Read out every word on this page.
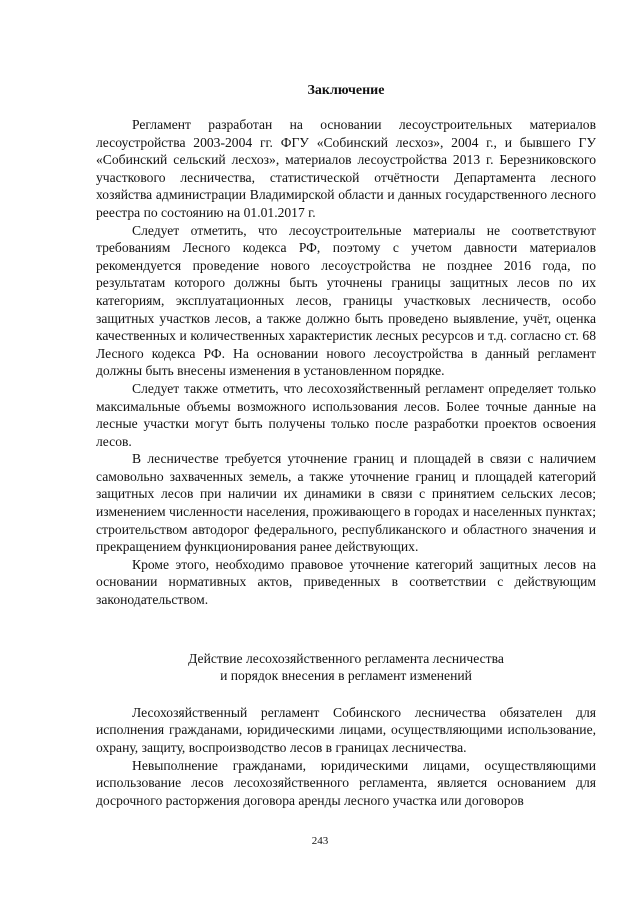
Заключение

Регламент разработан на основании лесоустроительных материалов лесоустройства 2003-2004 гг. ФГУ «Собинский лесхоз», 2004 г., и бывшего ГУ «Собинский сельский лесхоз», материалов лесоустройства 2013 г. Березниковского участкового лесничества, статистической отчётности Департамента лесного хозяйства администрации Владимирской области и данных государственного лесного реестра по состоянию на 01.01.2017 г.

Следует отметить, что лесоустроительные материалы не соответствуют требованиям Лесного кодекса РФ, поэтому с учетом давности материалов рекомендуется проведение нового лесоустройства не позднее 2016 года, по результатам которого должны быть уточнены границы защитных лесов по их категориям, эксплуатационных лесов, границы участковых лесничеств, особо защитных участков лесов, а также должно быть проведено выявление, учёт, оценка качественных и количественных характеристик лесных ресурсов и т.д. согласно ст. 68 Лесного кодекса РФ. На основании нового лесоустройства в данный регламент должны быть внесены изменения в установленном порядке.

Следует также отметить, что лесохозяйственный регламент определяет только максимальные объемы возможного использования лесов. Более точные данные на лесные участки могут быть получены только после разработки проектов освоения лесов.

В лесничестве требуется уточнение границ и площадей в связи с наличием самовольно захваченных земель, а также уточнение границ и площадей категорий защитных лесов при наличии их динамики в связи с принятием сельских лесов; изменением численности населения, проживающего в городах и населенных пунктах; строительством автодорог федерального, республиканского и областного значения и прекращением функционирования ранее действующих.

Кроме этого, необходимо правовое уточнение категорий защитных лесов на основании нормативных актов, приведенных в соответствии с действующим законодательством.

Действие лесохозяйственного регламента лесничества
и порядок внесения в регламент изменений

Лесохозяйственный регламент Собинского лесничества обязателен для исполнения гражданами, юридическими лицами, осуществляющими использование, охрану, защиту, воспроизводство лесов в границах лесничества.

Невыполнение гражданами, юридическими лицами, осуществляющими использование лесов лесохозяйственного регламента, является основанием для досрочного расторжения договора аренды лесного участка или договоров

243
